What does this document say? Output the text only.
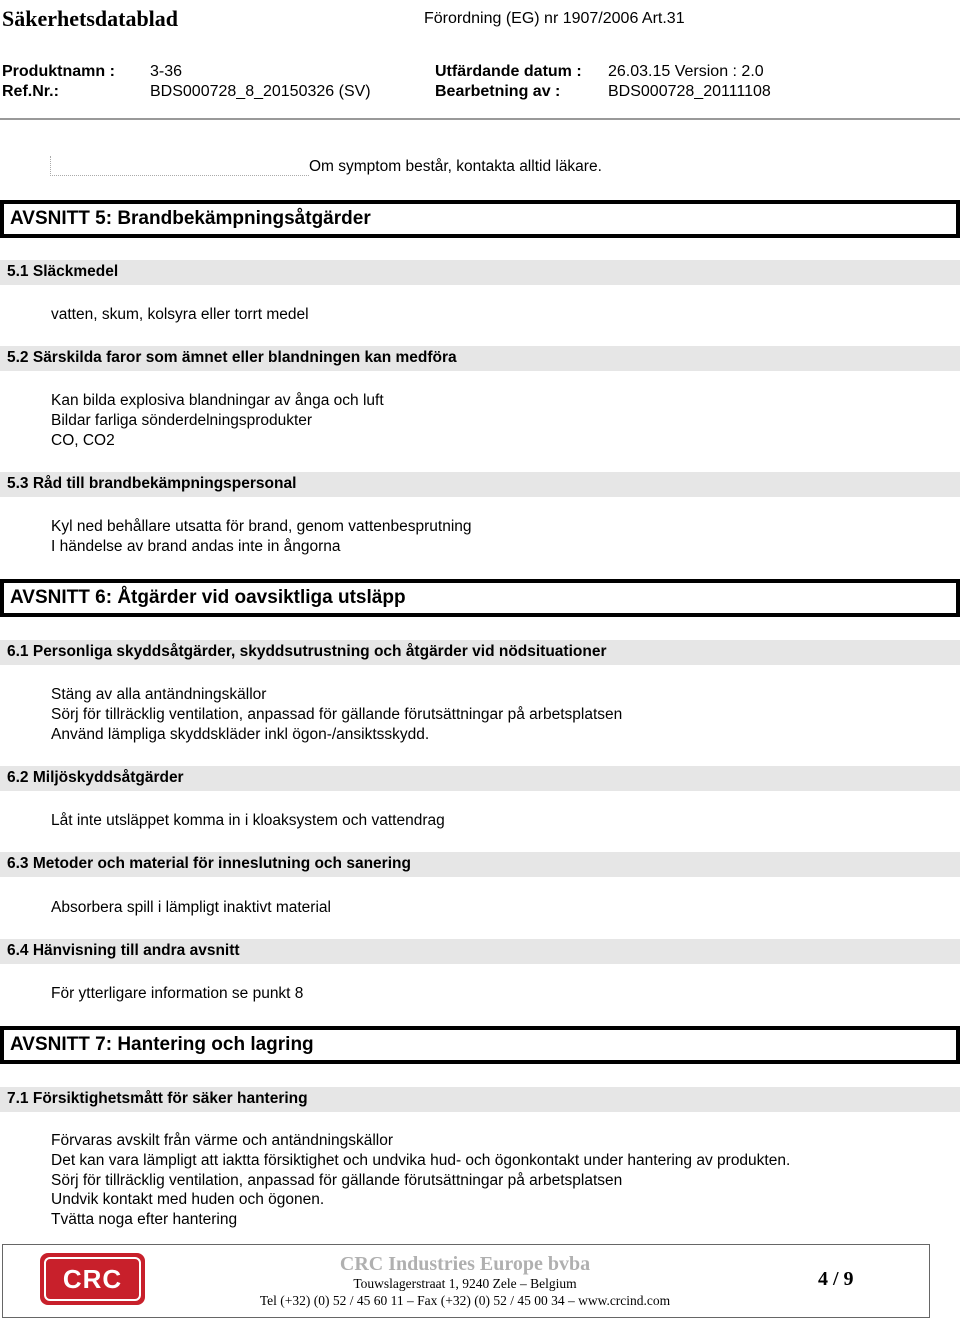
Säkerhetsdatablad	Förordning (EG) nr 1907/2006 Art.31
Produktnamn : 3-36	Utfärdande datum : 26.03.15 Version : 2.0
Ref.Nr.:	BDS000728_8_20150326 (SV)	Bearbetning av :	BDS000728_20111108
Om symptom består, kontakta alltid läkare.
AVSNITT 5: Brandbekämpningsåtgärder
5.1 Släckmedel
vatten, skum, kolsyra eller torrt medel
5.2 Särskilda faror som ämnet eller blandningen kan medföra
Kan bilda explosiva blandningar av ånga och luft
Bildar farliga sönderdelningsprodukter
CO, CO2
5.3 Råd till brandbekämpningspersonal
Kyl ned behållare utsatta för brand, genom vattenbesprutning
I händelse av brand andas inte in ångorna
AVSNITT 6: Åtgärder vid oavsiktliga utsläpp
6.1 Personliga skyddsåtgärder, skyddsutrustning och åtgärder vid nödsituationer
Stäng av alla antändningskällor
Sörj för tillräcklig ventilation, anpassad för gällande förutsättningar på arbetsplatsen
Använd lämpliga skyddskläder inkl ögon-/ansiktsskydd.
6.2 Miljöskyddsåtgärder
Låt inte utsläppet komma in i kloaksystem och vattendrag
6.3 Metoder och material för inneslutning och sanering
Absorbera spill i lämpligt inaktivt material
6.4 Hänvisning till andra avsnitt
För ytterligare information se punkt 8
AVSNITT 7: Hantering och lagring
7.1 Försiktighetsmått för säker hantering
Förvaras avskilt från värme och antändningskällor
Det kan vara lämpligt att iaktta försiktighet och undvika hud- och ögonkontakt under hantering av produkten.
Sörj för tillräcklig ventilation, anpassad för gällande förutsättningar på arbetsplatsen
Undvik kontakt med huden och ögonen.
Tvätta noga efter hantering
CRC	CRC Industries Europe bvba
Touwslagerstraat 1, 9240 Zele – Belgium
Tel (+32) (0) 52 / 45 60 11 – Fax (+32) (0) 52 / 45 00 34 – www.crcind.com
4 / 9
